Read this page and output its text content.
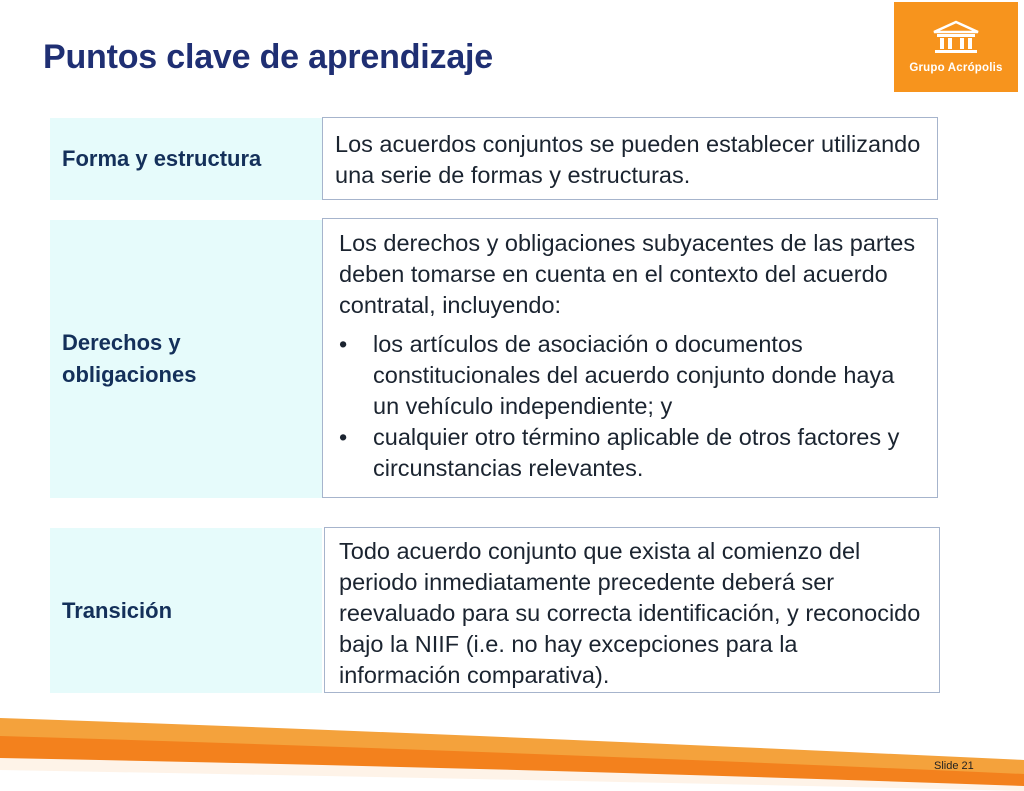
Puntos clave de aprendizaje	Grupo Acrópolis
Forma y estructura

Los acuerdos conjuntos se pueden establecer utilizando una serie de formas y estructuras.

Derechos y
obligaciones

Los derechos y obligaciones subyacentes de las partes deben tomarse en cuenta en el contexto del acuerdo contratal, incluyendo:

• los artículos de asociación o documentos constitucionales del acuerdo conjunto donde haya un vehículo independiente; y
• cualquier otro término aplicable de otros factores y circunstancias relevantes.
Transición

Todo acuerdo conjunto que exista al comienzo del periodo inmediatamente precedente deberá ser reevaluado para su correcta identificación, y reconocido bajo la NIIF (i.e. no hay excepciones para la información comparativa).

Slide 21
